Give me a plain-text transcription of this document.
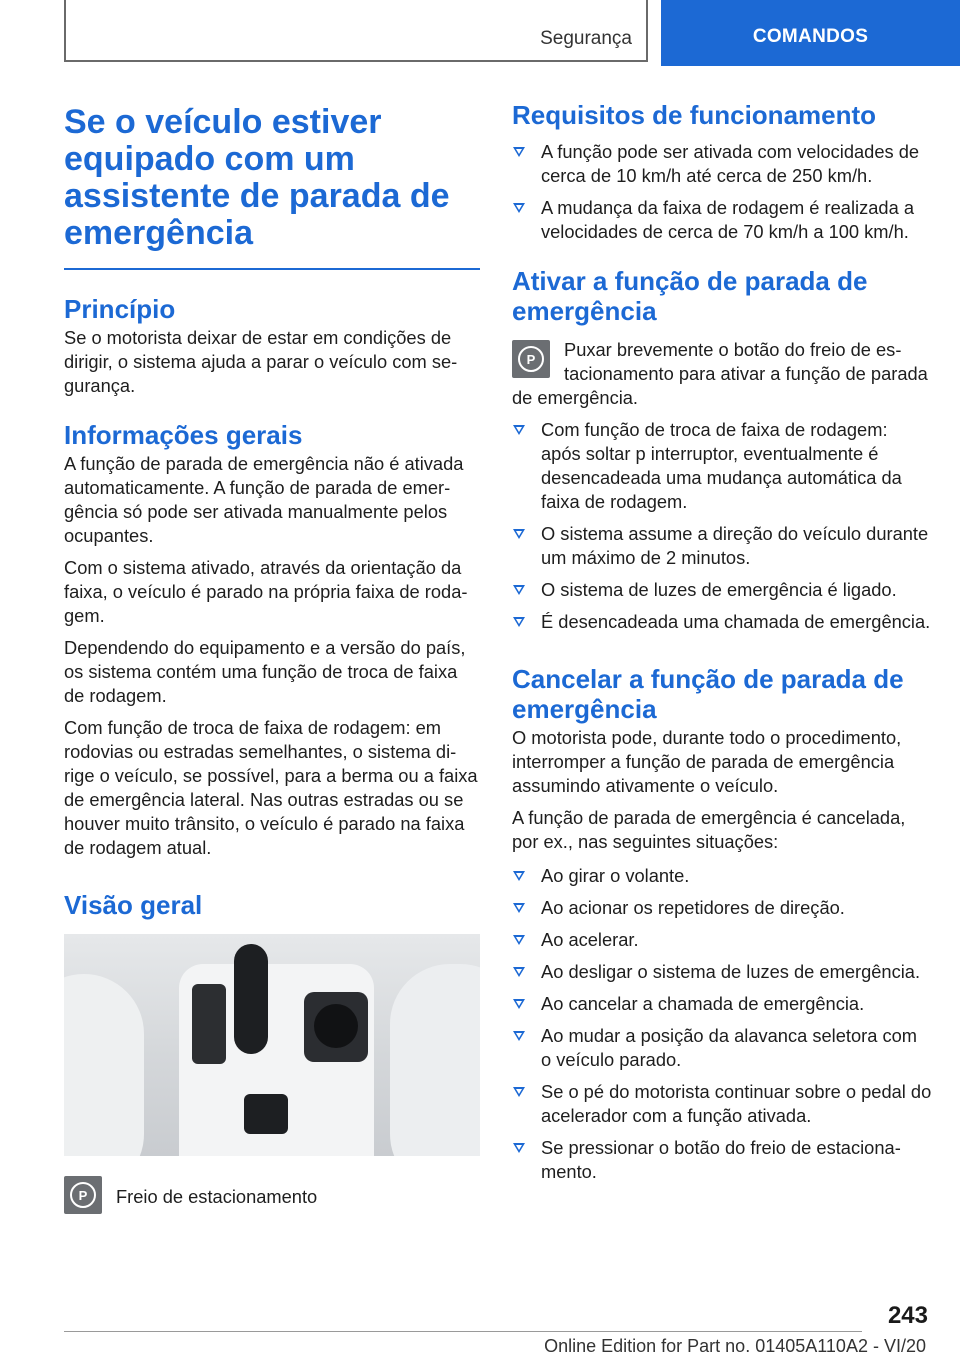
Segurança	COMANDOS
Se o veículo estiver equipado com um assistente de parada de emergência
Princípio

Se o motorista deixar de estar em condições de dirigir, o sistema ajuda a parar o veículo com segurança.

Informações gerais

A função de parada de emergência não é ativada automaticamente. A função de parada de emergência só pode ser ativada manualmente pelos ocupantes.

Com o sistema ativado, através da orientação da faixa, o veículo é parado na própria faixa de rodagem.

Dependendo do equipamento e a versão do país, os sistema contém uma função de troca de faixa de rodagem.

Com função de troca de faixa de rodagem: em rodovias ou estradas semelhantes, o sistema dirige o veículo, se possível, para a berma ou a faixa de emergência lateral. Nas outras estradas ou se houver muito trânsito, o veículo é parado na faixa de rodagem atual.

Visão geral
P Freio de estacionamento

Requisitos de funcionamento
A função pode ser ativada com velocidades de cerca de 10 km/h até cerca de 250 km/h.
A mudança da faixa de rodagem é realizada a velocidades de cerca de 70 km/h a 100 km/h.
Ativar a função de parada de emergência
P	Puxar brevemente o botão do freio de estacionamento para ativar a função de parada de emergência.

Com função de troca de faixa de rodagem: após soltar p interruptor, eventualmente é desencadeada uma mudança automática da faixa de rodagem.
O sistema assume a direção do veículo durante um máximo de 2 minutos.
O sistema de luzes de emergência é ligado.
É desencadeada uma chamada de emergência.
Cancelar a função de parada de emergência

O motorista pode, durante todo o procedimento, interromper a função de parada de emergência assumindo ativamente o veículo.

A função de parada de emergência é cancelada, por ex., nas seguintes situações:

Ao girar o volante.
Ao acionar os repetidores de direção.
Ao acelerar.
Ao desligar o sistema de luzes de emergência.
Ao cancelar a chamada de emergência.
Ao mudar a posição da alavanca seletora com o veículo parado.
Se o pé do motorista continuar sobre o pedal do acelerador com a função ativada.
Se pressionar o botão do freio de estacionamento.
243
Online Edition for Part no. 01405A110A2 - VI/20
